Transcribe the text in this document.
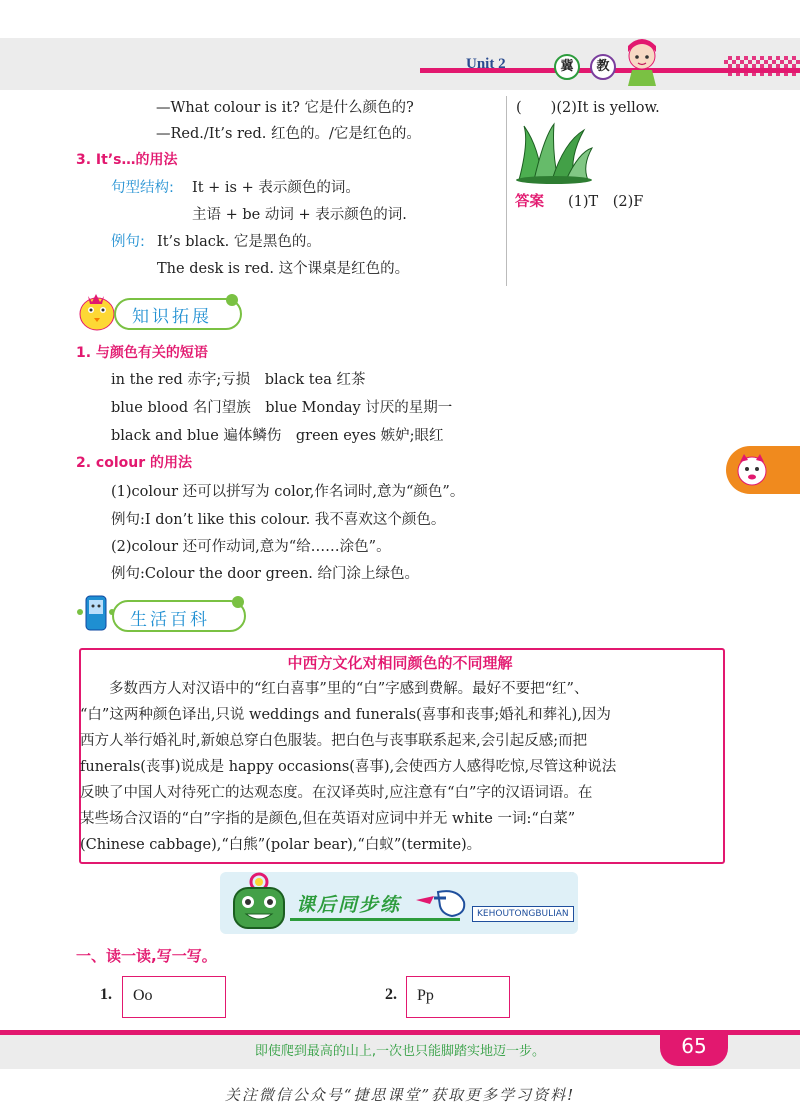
Unit 2	冀	教
—What colour is it? 它是什么颜色的?
—Red./It’s red. 红色的。/它是红色的。
3. It’s…的用法
句型结构: It + is + 表示颜色的词。
主语 + be 动词 + 表示颜色的词.
例句: It’s black. 它是黑色的。
The desk is red. 这个课桌是红色的。
(　　)(2)It is yellow.
答案 (1)T　(2)F
知识拓展
1. 与颜色有关的短语
in the red 赤字;亏损　black tea 红茶
blue blood 名门望族　blue Monday 讨厌的星期一
black and blue 遍体鳞伤　green eyes 嫉妒;眼红
2. colour 的用法
(1)colour 还可以拼写为 color,作名词时,意为“颜色”。
例句:I don’t like this colour. 我不喜欢这个颜色。
(2)colour 还可作动词,意为“给……涂色”。
例句:Colour the door green. 给门涂上绿色。
生活百科
中西方文化对相同颜色的不同理解
　　多数西方人对汉语中的“红白喜事”里的“白”字感到费解。最好不要把“红”、
“白”这两种颜色译出,只说 weddings and funerals(喜事和丧事;婚礼和葬礼),因为
西方人举行婚礼时,新娘总穿白色服装。把白色与丧事联系起来,会引起反感;而把
funerals(丧事)说成是 happy occasions(喜事),会使西方人感得吃惊,尽管这种说法
反映了中国人对待死亡的达观态度。在汉译英时,应注意有“白”字的汉语词语。在
某些场合汉语的“白”字指的是颜色,但在英语对应词中并无 white 一词:“白菜”
(Chinese cabbage),“白熊”(polar bear),“白蚁”(termite)。
课后同步练	KEHOUTONGBULIAN
一、读一读,写一写。
1. Oo	2. Pp
即使爬到最高的山上,一次也只能脚踏实地迈一步。	65
关注微信公众号“捷思课堂”获取更多学习资料!
